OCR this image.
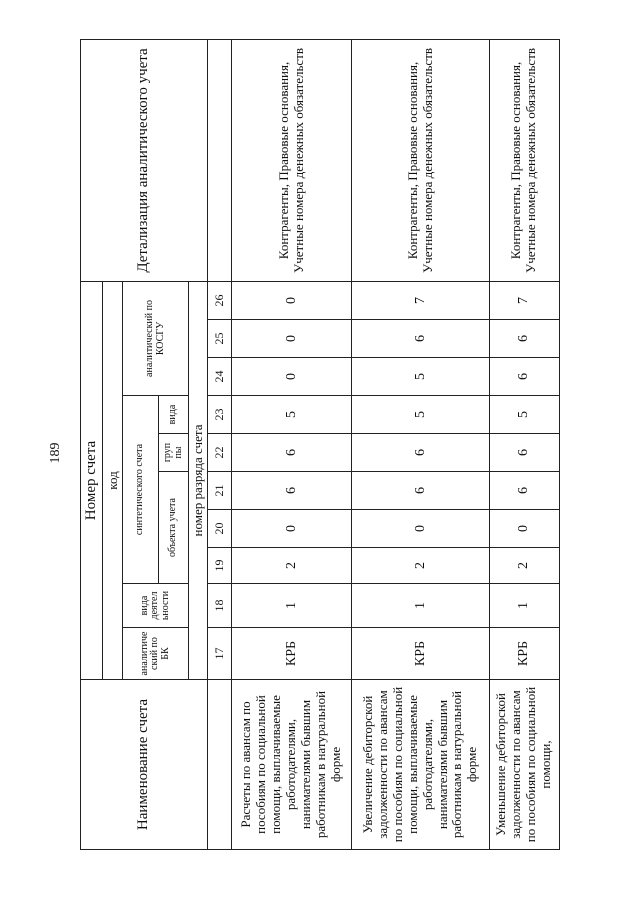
189
Наименование счета	Номер счета										Детализация аналитического учета
	код										
	аналитиче ский по БК	вида деятел ьности	синтетического счета					аналитический по КОСГУ			
			объекта учета			груп пы	вида				
	номер разряда счета										
	17	18	19	20	21	22	23	24	25	26	
Расчеты по авансам по пособиям по социальной помощи, выплачиваемые работодателями, нанимателями бывшим работникам в натуральной форме	КРБ	1	2	0	6	6	5	0	0	0	Контрагенты, Правовые основания, Учетные номера денежных обязательств
Увеличение дебиторской задолженности по авансам по пособиям по социальной помощи, выплачиваемые работодателями, нанимателями бывшим работникам в натуральной форме	КРБ	1	2	0	6	6	5	5	6	7	Контрагенты, Правовые основания, Учетные номера денежных обязательств
Уменьшение дебиторской задолженности по авансам по пособиям по социальной помощи,	КРБ	1	2	0	6	6	5	6	6	7	Контрагенты, Правовые основания, Учетные номера денежных обязательств
